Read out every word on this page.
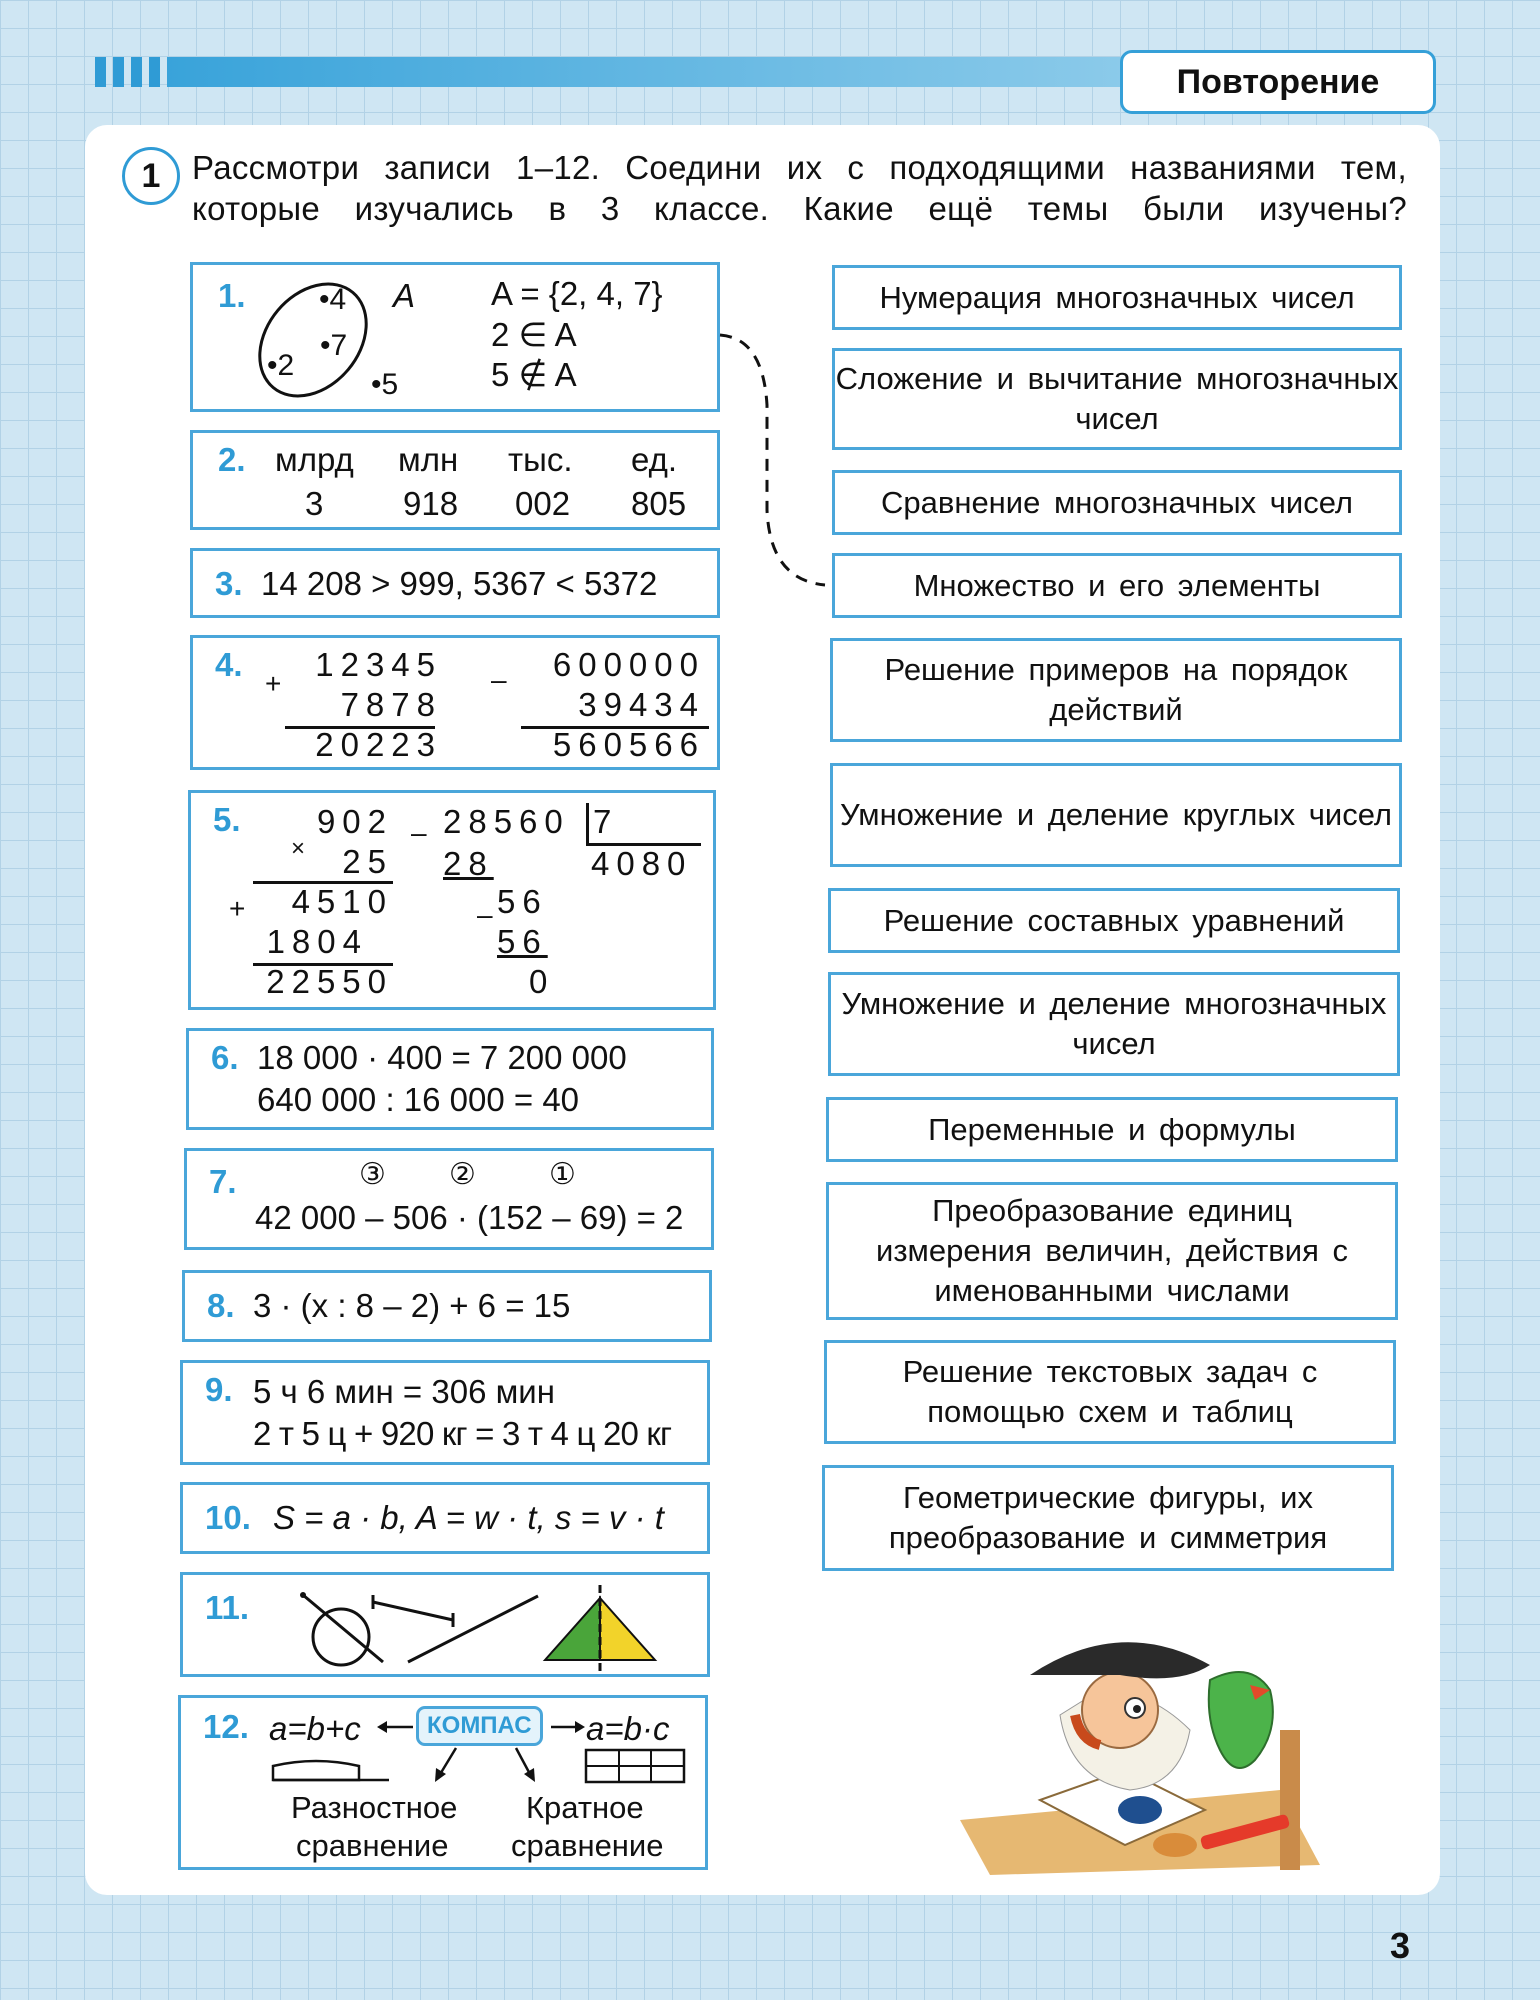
Повторение
1 Рассмотри записи 1–12. Соедини их с подходящими названиями тем, которые изучались в 3 классе. Какие ещё темы были изучены?
1. •4
•7
•2
•5
A A = {2, 4, 7}
2 ∈ A
5 ∉ A
2. млрд млн тыс. ед.
3 918 002 805
3. 14 208 > 999, 5367 < 5372
4.
+
12345
7878
20223
– 600000
39434
560566
5. 902
× 25
+ 4510
1804
22550
– 28560 7
4080
28
– 56
56
0
6. 18 000 · 400 = 7 200 000
640 000 : 16 000 = 40
7.	③ ② ①
42 000 – 506 · (152 – 69) = 2
8. 3 · (x : 8 – 2) + 6 = 15
9. 5 ч 6 мин = 306 мин
2 т 5 ц + 920 кг = 3 т 4 ц 20 кг
10. S = a · b, A = w · t, s = v · t
11.
12. a=b+c	КОМПАС	a=b·c
Разностное
сравнение
Кратное
сравнение
Нумерация многозначных чисел
Сложение и вычитание многозначных чисел
Сравнение многозначных чисел
Множество и его элементы
Решение примеров на порядок действий
Умножение и деление круглых чисел
Решение составных уравнений
Умножение и деление многозначных чисел
Переменные и формулы
Преобразование единиц измерения величин, действия с именованными числами
Решение текстовых задач с помощью схем и таблиц
Геометрические фигуры, их преобразование и симметрия
3
